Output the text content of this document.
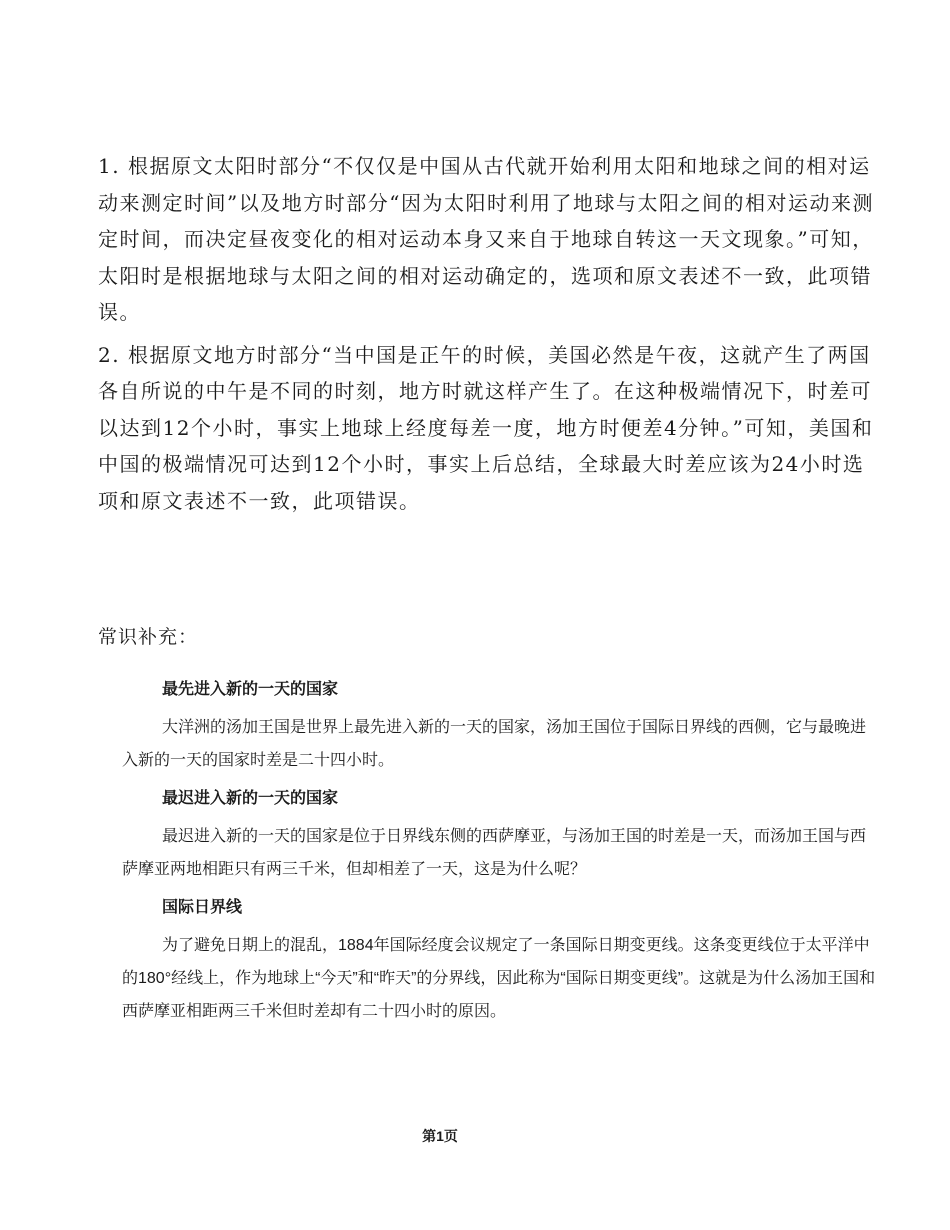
1. 根据原文太阳时部分“不仅仅是中国从古代就开始利用太阳和地球之间的相对运动来测定时间”以及地方时部分“因为太阳时利用了地球与太阳之间的相对运动来测定时间，而决定昼夜变化的相对运动本身又来自于地球自转这一天文现象。”可知，太阳时是根据地球与太阳之间的相对运动确定的，选项和原文表述不一致，此项错误。

2. 根据原文地方时部分“当中国是正午的时候，美国必然是午夜，这就产生了两国各自所说的中午是不同的时刻，地方时就这样产生了。在这种极端情况下，时差可以达到12个小时，事实上地球上经度每差一度，地方时便差4分钟。”可知，美国和中国的极端情况可达到12个小时，事实上后总结，全球最大时差应该为24小时选项和原文表述不一致，此项错误。

常识补充：
最先进入新的一天的国家

大洋洲的汤加王国是世界上最先进入新的一天的国家，汤加王国位于国际日界线的西侧，它与最晚进入新的一天的国家时差是二十四小时。

最迟进入新的一天的国家

最迟进入新的一天的国家是位于日界线东侧的西萨摩亚，与汤加王国的时差是一天，而汤加王国与西萨摩亚两地相距只有两三千米，但却相差了一天，这是为什么呢？

国际日界线

为了避免日期上的混乱，1884年国际经度会议规定了一条国际日期变更线。这条变更线位于太平洋中的180°经线上，作为地球上“今天”和“昨天”的分界线，因此称为“国际日期变更线”。这就是为什么汤加王国和西萨摩亚相距两三千米但时差却有二十四小时的原因。

第1页
